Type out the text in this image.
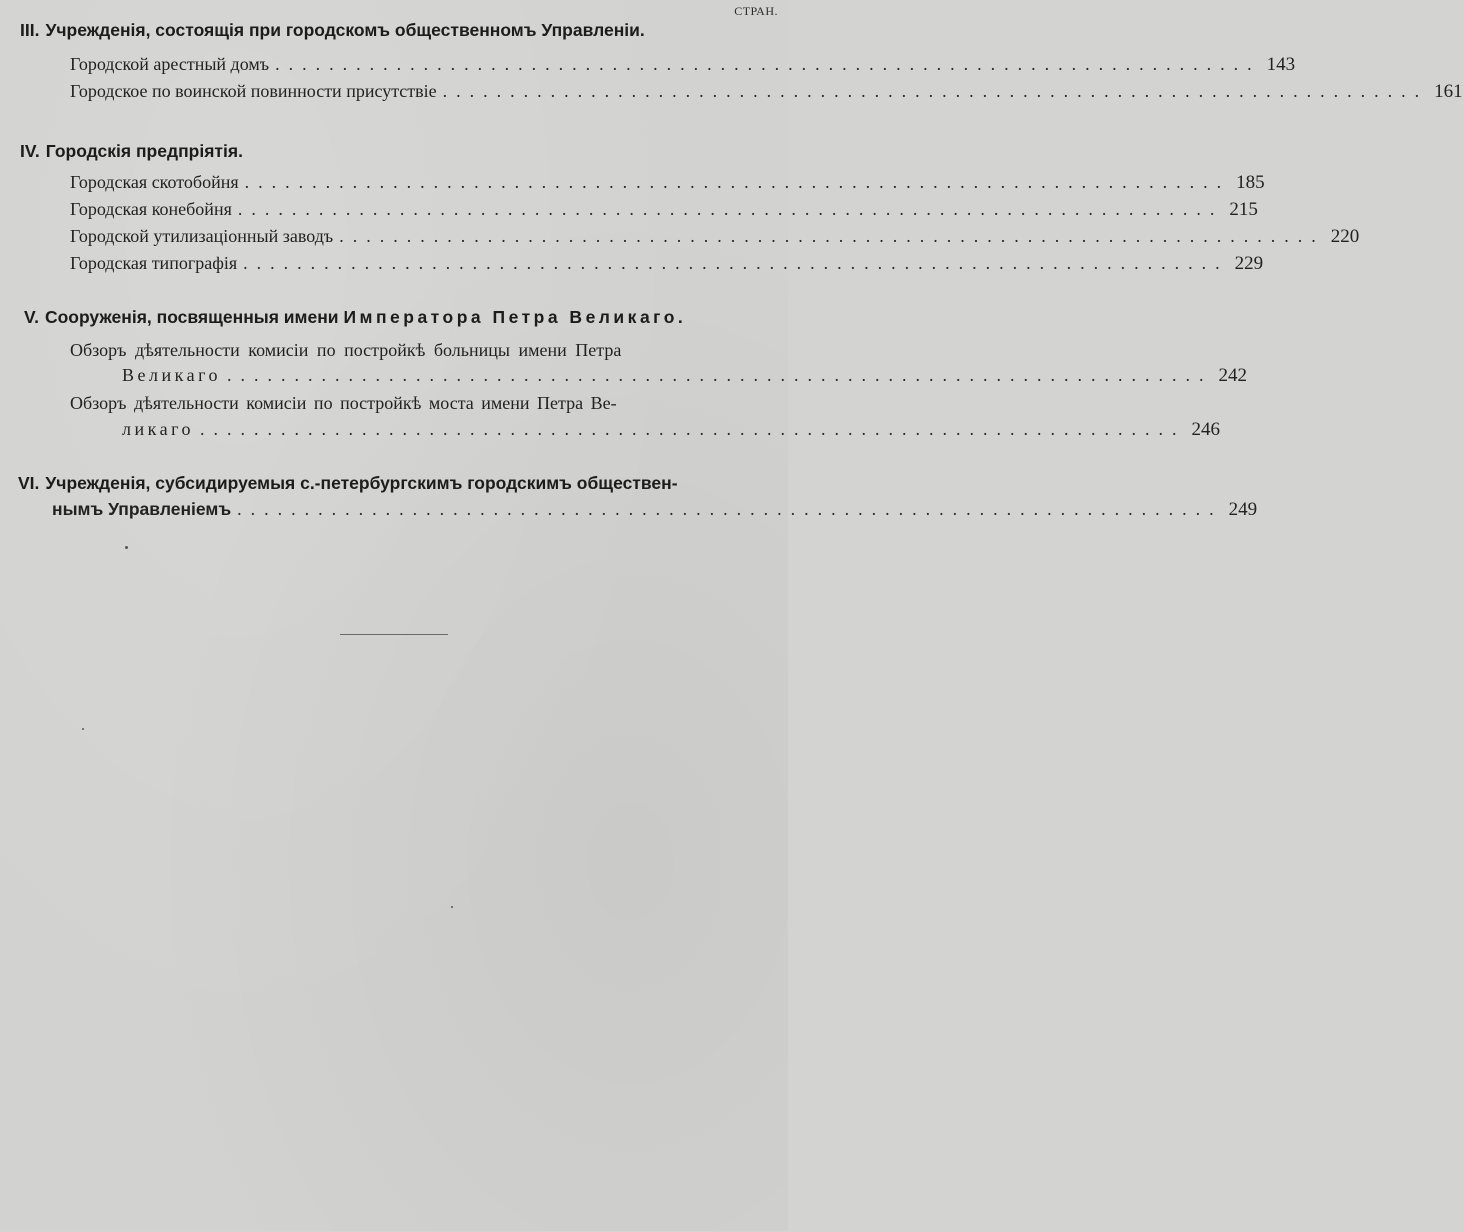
СТРАН.
III. Учрежденія, состоящія при городскомъ общественномъ Управленіи.
Городской арестный домъ ......................................................................... 143
Городское по воинской повинности присутствіе ......................................................................... 161
IV. Городскія предпріятія.
Городская скотобойня ......................................................................... 185
Городская конебойня ......................................................................... 215
Городской утилизаціонный заводъ ......................................................................... 220
Городская типографія ......................................................................... 229
V. Сооруженія, посвященныя имени Императора Петра Великаго.
Обзоръ дѣятельности комисіи по постройкѣ больницы имени Петра
Великаго ......................................................................... 242
Обзоръ дѣятельности комисіи по постройкѣ моста имени Петра Ве-
ликаго ......................................................................... 246
VI. Учрежденія, субсидируемыя с.-петербургскимъ городскимъ обществен-
нымъ Управленіемъ ......................................................................... 249
